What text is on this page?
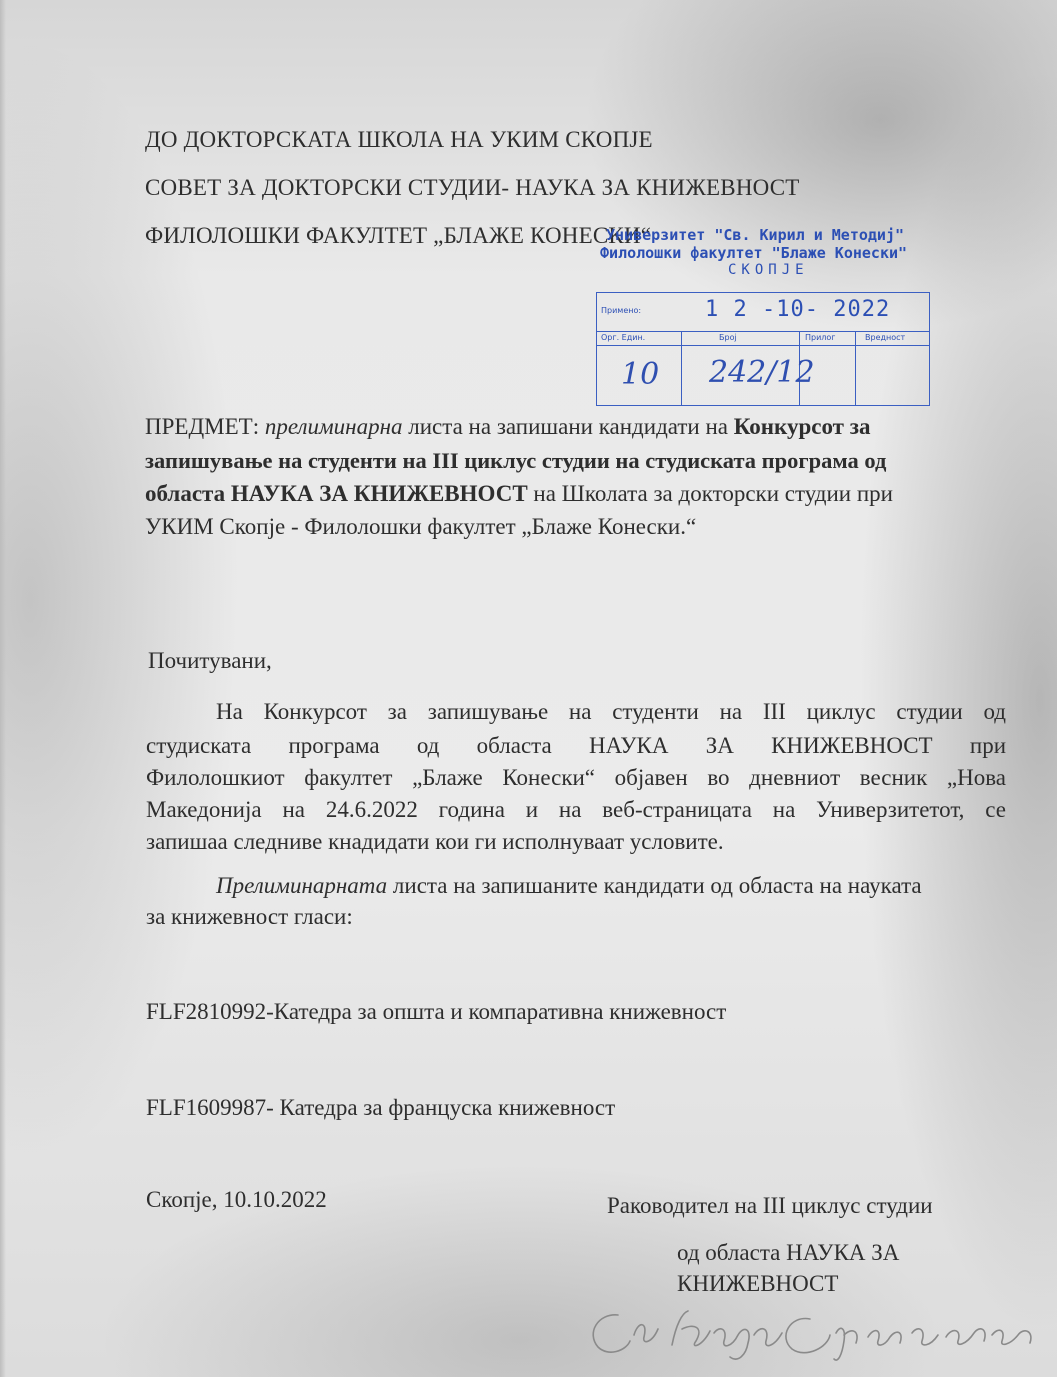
ДО ДОКТОРСКАТА ШКОЛА НА УКИМ СКОПЈЕ
СОВЕТ ЗА ДОКТОРСКИ СТУДИИ- НАУКА ЗА КНИЖЕВНОСТ
ФИЛОЛОШКИ ФАКУЛТЕТ „БЛАЖЕ КОНЕСКИ“
Универзитет "Св. Кирил и Методиј"
Филолошки факултет "Блаже Конески"
СКОПЈЕ
Примено:	1 2 -10- 2022
Орг. Един.	Број	Прилог	Вредност
10 242/12
ПРЕДМЕТ: прелиминарна листа на запишани кандидати на Конкурсот за
запишување на студенти на III циклус студии на студиската програма од
областа НАУКА ЗА КНИЖЕВНОСТ на Школата за докторски студии при
УКИМ Скопје - Филолошки факултет „Блаже Конески.“
Почитувани,
На Конкурсот за запишување на студенти на III циклус студии од
студиската програма од областа НАУКА ЗА КНИЖЕВНОСТ при
Филолошкиот факултет „Блаже Конески“ објавен во дневниот весник „Нова
Македонија на 24.6.2022 година и на веб-страницата на Универзитетот, се
запишаа следниве кнадидати кои ги исполнуваат условите.
Прелиминарната листа на запишаните кандидати од областа на науката
за книжевност гласи:
FLF2810992-Катедра за општа и компаративна книжевност
FLF1609987- Катедра за француска книжевност
Скопје, 10.10.2022	Раководител на III циклус студии
од областа НАУКА ЗА
КНИЖЕВНОСТ
